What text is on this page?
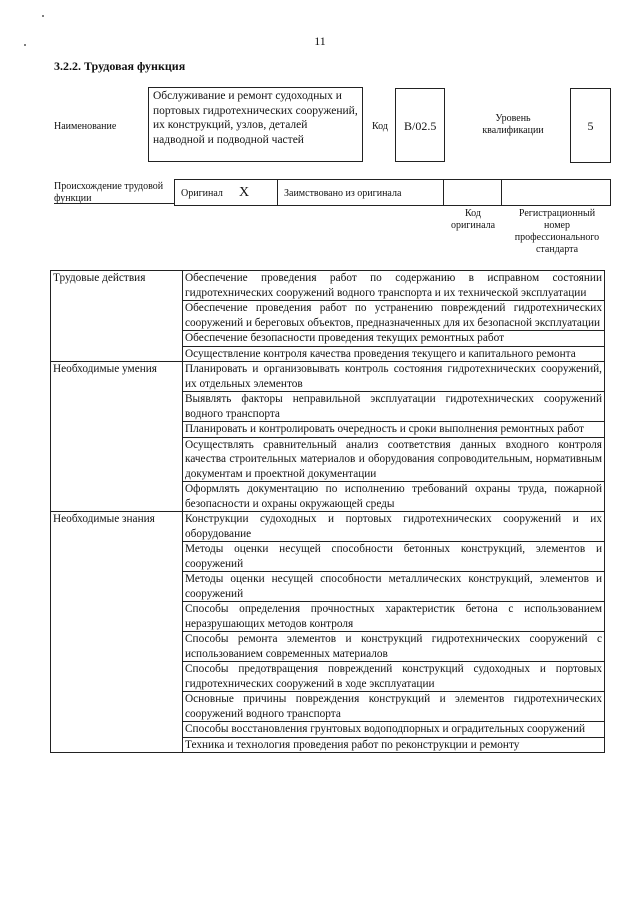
11
3.2.2. Трудовая функция
Наименование
Обслуживание и ремонт судоходных и портовых гидротехнических сооружений, их конструкций, узлов, деталей надводной и подводной частей
Код	B/02.5
Уровень квалификации	5
Происхождение трудовой функции	Оригинал X	Заимствовано из оригинала
Код оригинала
Регистрационный номер профессионального стандарта
Трудовые действия	Обеспечение проведения работ по содержанию в исправном состоянии гидротехнических сооружений водного транспорта и их технической эксплуатации
	Обеспечение проведения работ по устранению повреждений гидротехнических сооружений и береговых объектов, предназначенных для их безопасной эксплуатации
	Обеспечение безопасности проведения текущих ремонтных работ
	Осуществление контроля качества проведения текущего и капитального ремонта
Необходимые умения	Планировать и организовывать контроль состояния гидротехнических сооружений, их отдельных элементов
	Выявлять факторы неправильной эксплуатации гидротехнических сооружений водного транспорта
	Планировать и контролировать очередность и сроки выполнения ремонтных работ
	Осуществлять сравнительный анализ соответствия данных входного контроля качества строительных материалов и оборудования сопроводительным, нормативным документам и проектной документации
	Оформлять документацию по исполнению требований охраны труда, пожарной безопасности и охраны окружающей среды
Необходимые знания	Конструкции судоходных и портовых гидротехнических сооружений и их оборудование
	Методы оценки несущей способности бетонных конструкций, элементов и сооружений
	Методы оценки несущей способности металлических конструкций, элементов и сооружений
	Способы определения прочностных характеристик бетона с использованием неразрушающих методов контроля
	Способы ремонта элементов и конструкций гидротехнических сооружений с использованием современных материалов
	Способы предотвращения повреждений конструкций судоходных и портовых гидротехнических сооружений в ходе эксплуатации
	Основные причины повреждения конструкций и элементов гидротехнических сооружений водного транспорта
	Способы восстановления грунтовых водоподпорных и оградительных сооружений
	Техника и технология проведения работ по реконструкции и ремонту
